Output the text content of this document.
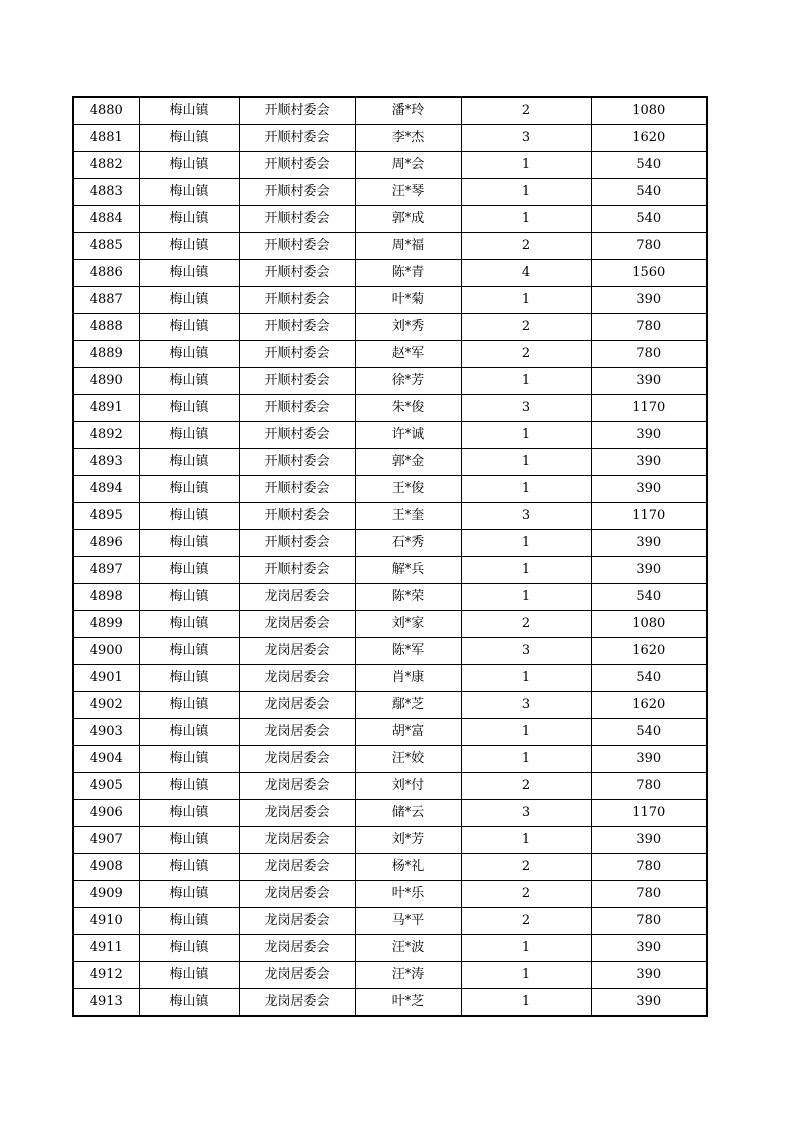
4880	梅山镇	开顺村委会	潘*玲	2	1080
4881	梅山镇	开顺村委会	李*杰	3	1620
4882	梅山镇	开顺村委会	周*会	1	540
4883	梅山镇	开顺村委会	汪*琴	1	540
4884	梅山镇	开顺村委会	郭*成	1	540
4885	梅山镇	开顺村委会	周*福	2	780
4886	梅山镇	开顺村委会	陈*青	4	1560
4887	梅山镇	开顺村委会	叶*菊	1	390
4888	梅山镇	开顺村委会	刘*秀	2	780
4889	梅山镇	开顺村委会	赵*军	2	780
4890	梅山镇	开顺村委会	徐*芳	1	390
4891	梅山镇	开顺村委会	朱*俊	3	1170
4892	梅山镇	开顺村委会	许*诚	1	390
4893	梅山镇	开顺村委会	郭*金	1	390
4894	梅山镇	开顺村委会	王*俊	1	390
4895	梅山镇	开顺村委会	王*奎	3	1170
4896	梅山镇	开顺村委会	石*秀	1	390
4897	梅山镇	开顺村委会	解*兵	1	390
4898	梅山镇	龙岗居委会	陈*荣	1	540
4899	梅山镇	龙岗居委会	刘*家	2	1080
4900	梅山镇	龙岗居委会	陈*军	3	1620
4901	梅山镇	龙岗居委会	肖*康	1	540
4902	梅山镇	龙岗居委会	鄢*芝	3	1620
4903	梅山镇	龙岗居委会	胡*富	1	540
4904	梅山镇	龙岗居委会	汪*姣	1	390
4905	梅山镇	龙岗居委会	刘*付	2	780
4906	梅山镇	龙岗居委会	储*云	3	1170
4907	梅山镇	龙岗居委会	刘*芳	1	390
4908	梅山镇	龙岗居委会	杨*礼	2	780
4909	梅山镇	龙岗居委会	叶*乐	2	780
4910	梅山镇	龙岗居委会	马*平	2	780
4911	梅山镇	龙岗居委会	汪*波	1	390
4912	梅山镇	龙岗居委会	汪*涛	1	390
4913	梅山镇	龙岗居委会	叶*芝	1	390
